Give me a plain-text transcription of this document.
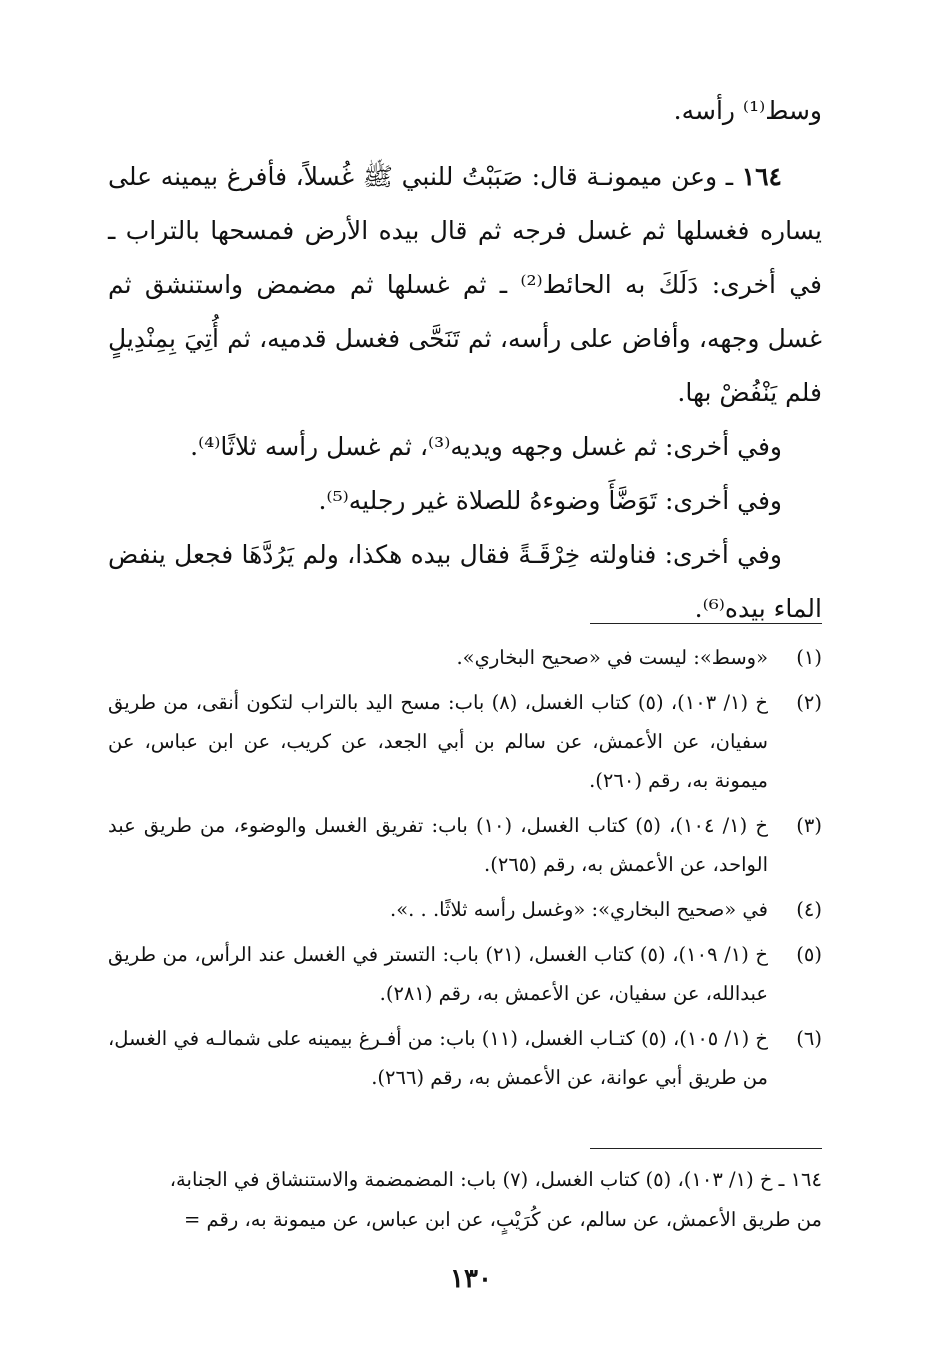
وسط⁽¹⁾ رأسه.

١٦٤ ـ وعن ميمونـة قال: صَبَبْتُ للنبي ﷺ غُسلاً، فأفرغ بيمينه على يساره فغسلها ثم غسل فرجه ثم قال بيده الأرض فمسحها بالتراب ـ في أخرى: دَلَكَ به الحائط⁽²⁾ ـ ثم غسلها ثم مضمض واستنشق ثم غسل وجهه، وأفاض على رأسه، ثم تَنَحَّى فغسل قدميه، ثم أُتِيَ بِمِنْدِيلٍ فلم يَنْفُضْ بها.

وفي أخرى: ثم غسل وجهه ويديه⁽³⁾، ثم غسل رأسه ثلاثًا⁽⁴⁾.

وفي أخرى: تَوَضَّأَ وضوءهُ للصلاة غير رجليه⁽⁵⁾.

وفي أخرى: فناولته خِرْقَـةً فقال بيده هكذا، ولم يَرُدَّهَا فجعل ينفض الماء بيده⁽⁶⁾.

(١)
«وسط»: ليست في «صحيح البخاري».
(٢)
خ (١/ ١٠٣)، (٥) كتاب الغسل، (٨) باب: مسح اليد بالتراب لتكون أنقى، من طريق سفيان، عن الأعمش، عن سالم بن أبي الجعد، عن كريب، عن ابن عباس، عن ميمونة به، رقم (٢٦٠).
(٣)
خ (١/ ١٠٤)، (٥) كتاب الغسل، (١٠) باب: تفريق الغسل والوضوء، من طريق عبد الواحد، عن الأعمش به، رقم (٢٦٥).
(٤)
في «صحيح البخاري»: «وغسل رأسه ثلاثًا. . .».
(٥)
خ (١/ ١٠٩)، (٥) كتاب الغسل، (٢١) باب: التستر في الغسل عند الرأس، من طريق عبدالله، عن سفيان، عن الأعمش به، رقم (٢٨١).
(٦)
خ (١/ ١٠٥)، (٥) كتـاب الغسل، (١١) باب: من أفـرغ بيمينه على شمالـه في الغسل، من طريق أبي عوانة، عن الأعمش به، رقم (٢٦٦).

١٦٤ ـ خ (١/ ١٠٣)، (٥) كتاب الغسل، (٧) باب: المضمضمة والاستنشاق في الجنابة،

من طريق الأعمش، عن سالم، عن كُرَيْبٍ، عن ابن عباس، عن ميمونة به، رقم =

١٣٠
